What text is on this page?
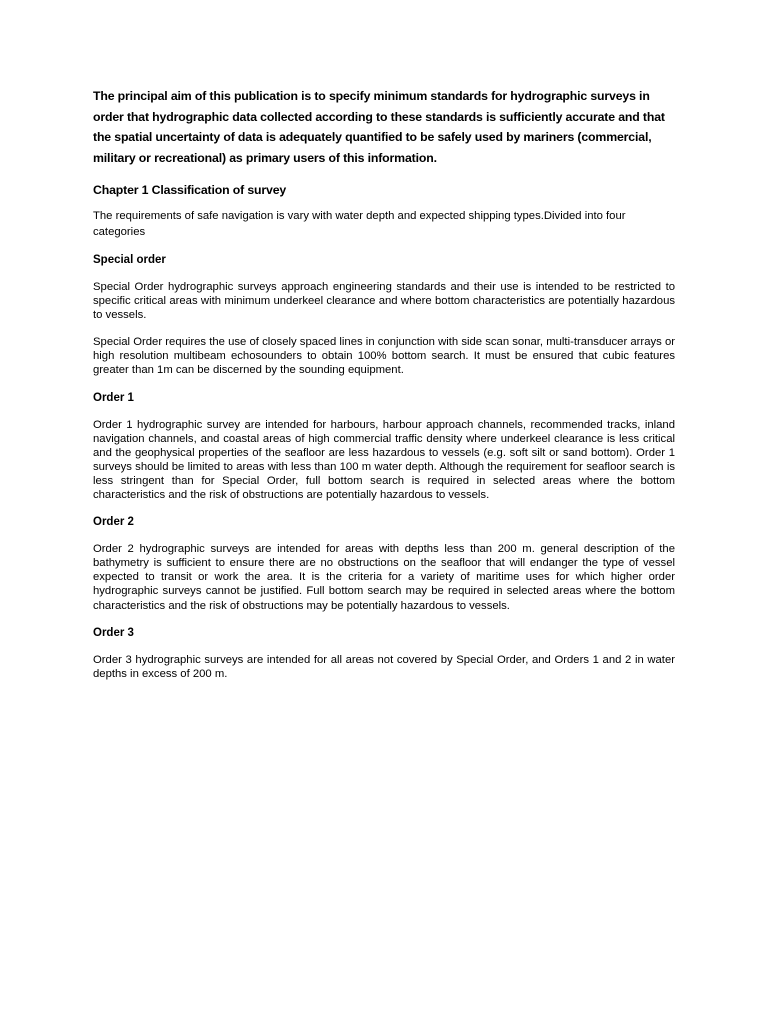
The principal aim of this publication is to specify minimum standards for hydrographic surveys in order that hydrographic data collected according to these standards is sufficiently accurate and that the spatial uncertainty of data is adequately quantified to be safely used by mariners (commercial, military or recreational) as primary users of this information.

Chapter 1 Classification of survey

The requirements of safe navigation is vary with water depth and expected shipping types.Divided into four categories

Special order

Special Order hydrographic surveys approach engineering standards and their use is intended to be restricted to specific critical areas with minimum underkeel clearance and where bottom characteristics are potentially hazardous to vessels.

Special Order requires the use of closely spaced lines in conjunction with side scan sonar, multi-transducer arrays or high resolution multibeam echosounders to obtain 100% bottom search. It must be ensured that cubic features greater than 1m can be discerned by the sounding equipment.

Order 1

Order 1 hydrographic survey are intended for harbours, harbour approach channels, recommended tracks, inland navigation channels, and coastal areas of high commercial traffic density where underkeel clearance is less critical and the geophysical properties of the seafloor are less hazardous to vessels (e.g. soft silt or sand bottom). Order 1 surveys should be limited to areas with less than 100 m water depth. Although the requirement for seafloor search is less stringent than for Special Order, full bottom search is required in selected areas where the bottom characteristics and the risk of obstructions are potentially hazardous to vessels.

Order 2

Order 2 hydrographic surveys are intended for areas with depths less than 200 m. general description of the bathymetry is sufficient to ensure there are no obstructions on the seafloor that will endanger the type of vessel expected to transit or work the area. It is the criteria for a variety of maritime uses for which higher order hydrographic surveys cannot be justified. Full bottom search may be required in selected areas where the bottom characteristics and the risk of obstructions may be potentially hazardous to vessels.

Order 3

Order 3 hydrographic surveys are intended for all areas not covered by Special Order, and Orders 1 and 2 in water depths in excess of 200 m.
